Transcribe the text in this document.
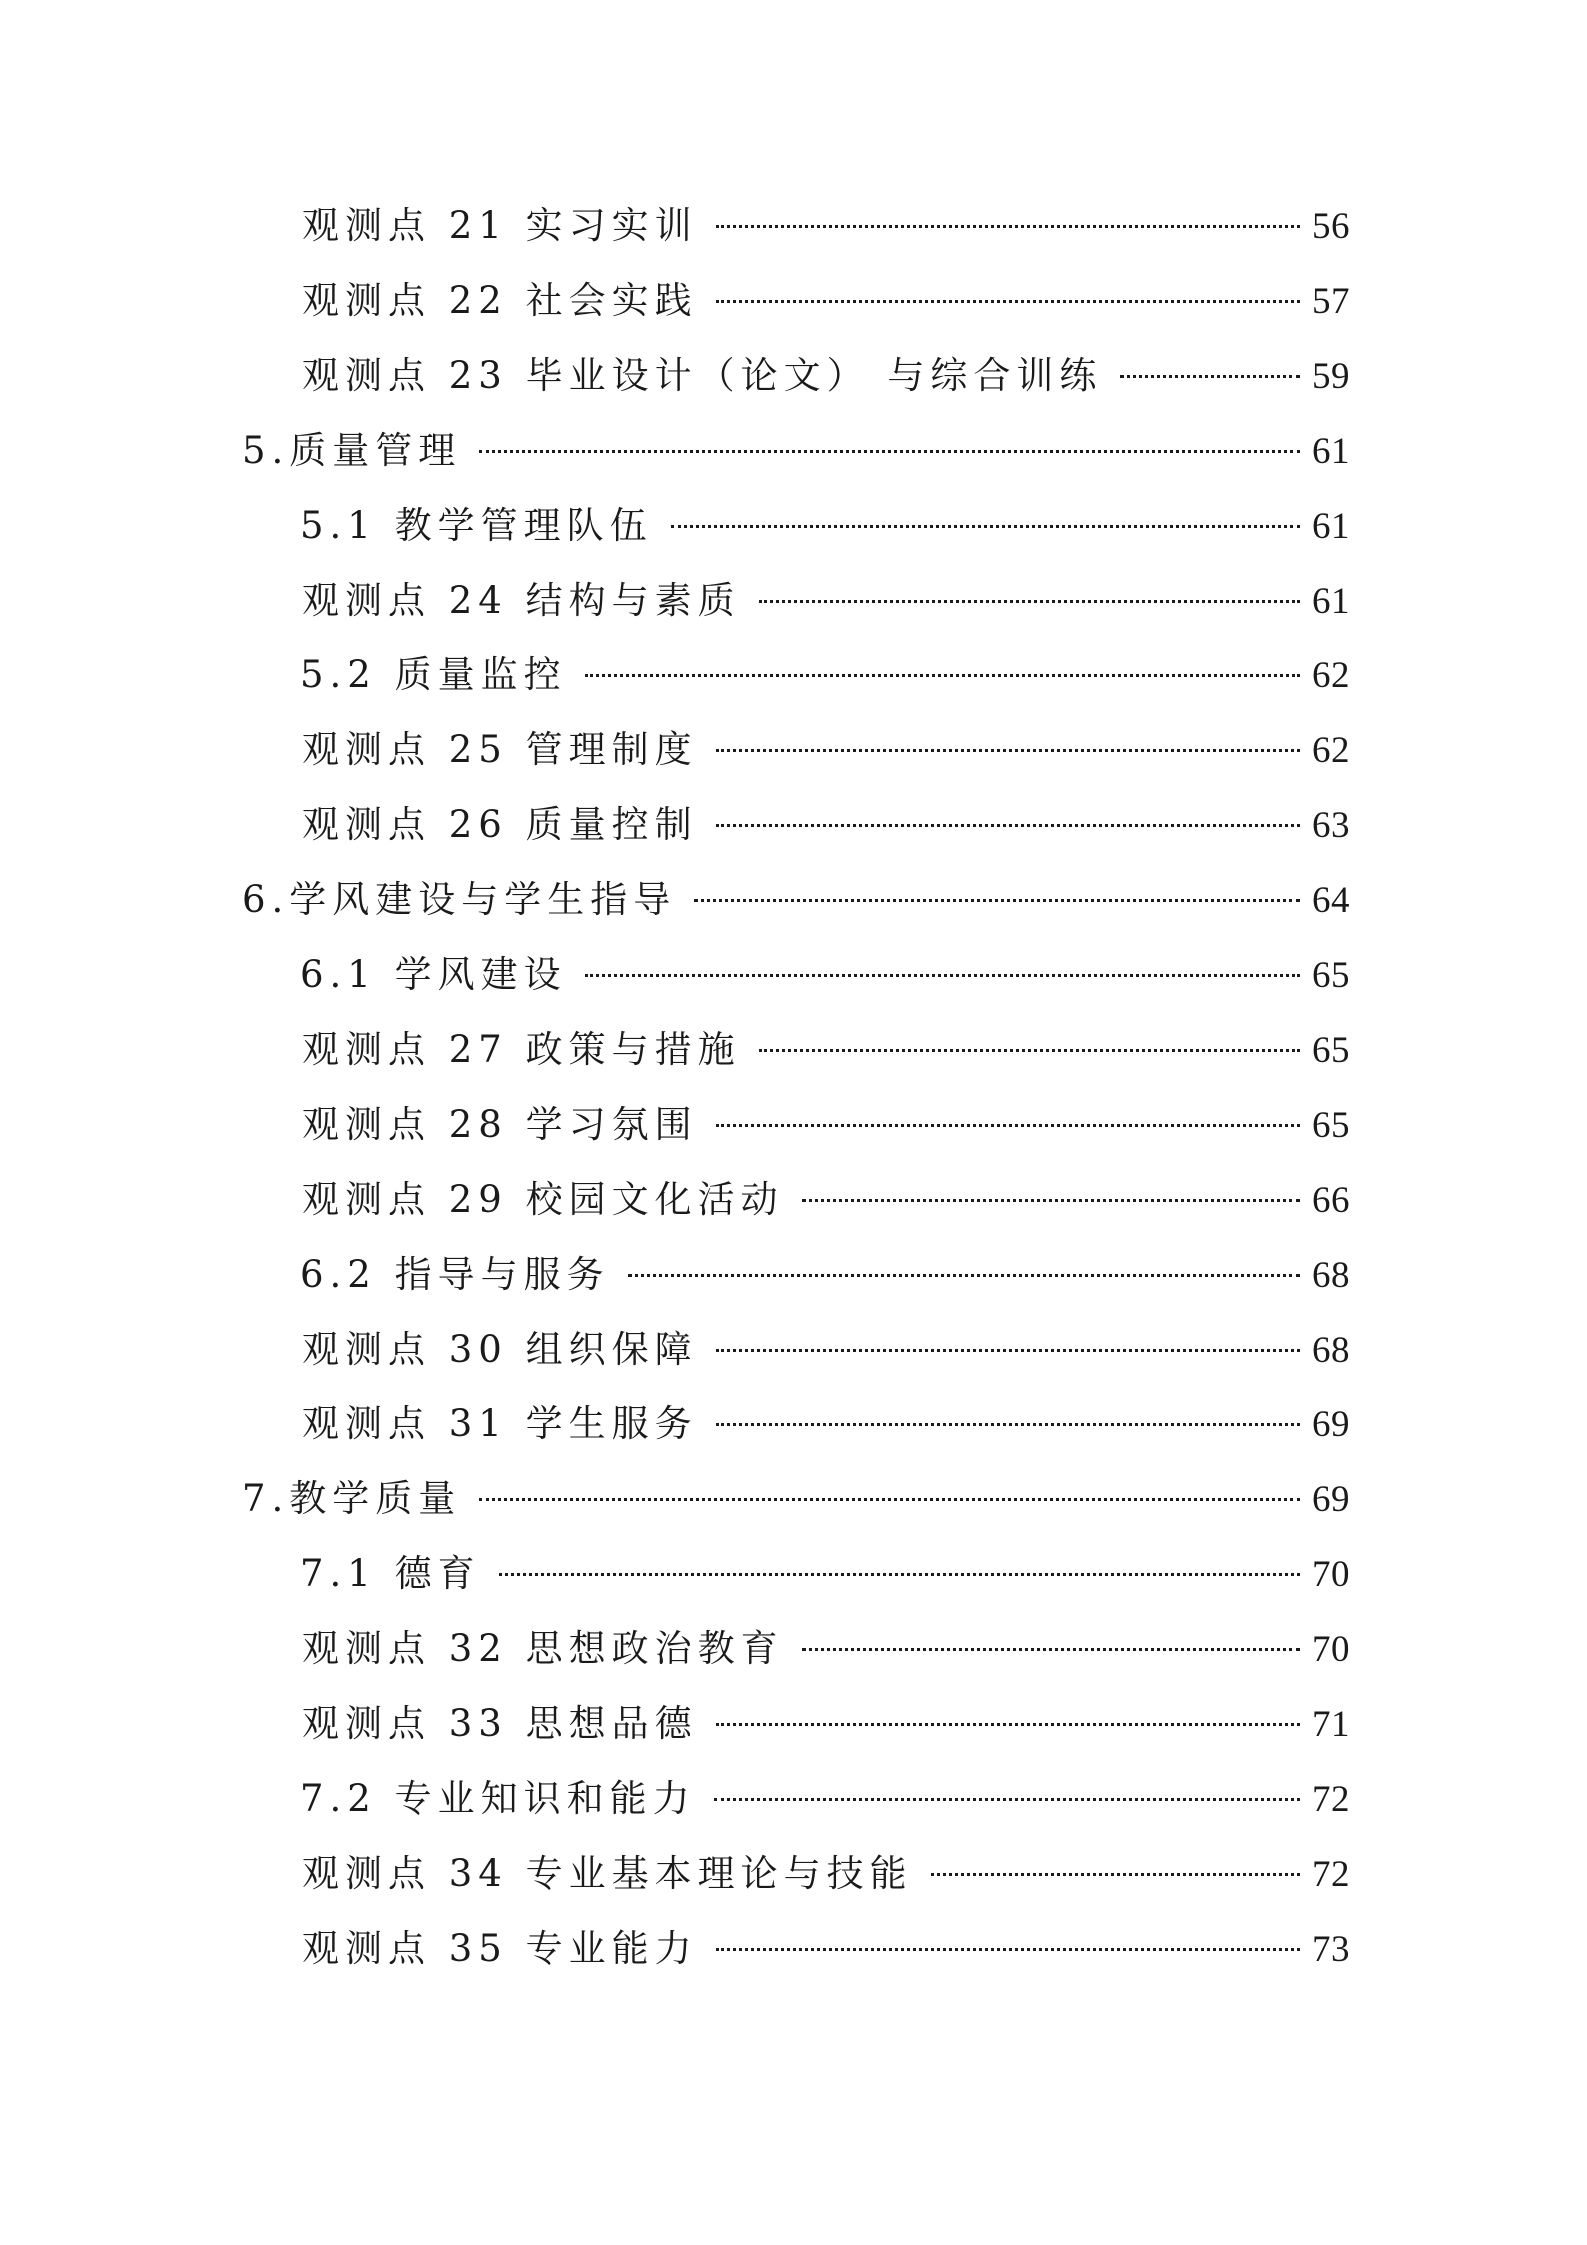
观测点 21 实习实训	56
观测点 22 社会实践	57
观测点 23 毕业设计（论文） 与综合训练	59
5.质量管理	61
5.1 教学管理队伍	61
观测点 24 结构与素质	61
5.2 质量监控	62
观测点 25 管理制度	62
观测点 26 质量控制	63
6.学风建设与学生指导	64
6.1 学风建设	65
观测点 27 政策与措施	65
观测点 28 学习氛围	65
观测点 29 校园文化活动	66
6.2 指导与服务	68
观测点 30 组织保障	68
观测点 31 学生服务	69
7.教学质量	69
7.1 德育	70
观测点 32 思想政治教育	70
观测点 33 思想品德	71
7.2 专业知识和能力	72
观测点 34 专业基本理论与技能	72
观测点 35 专业能力	73
